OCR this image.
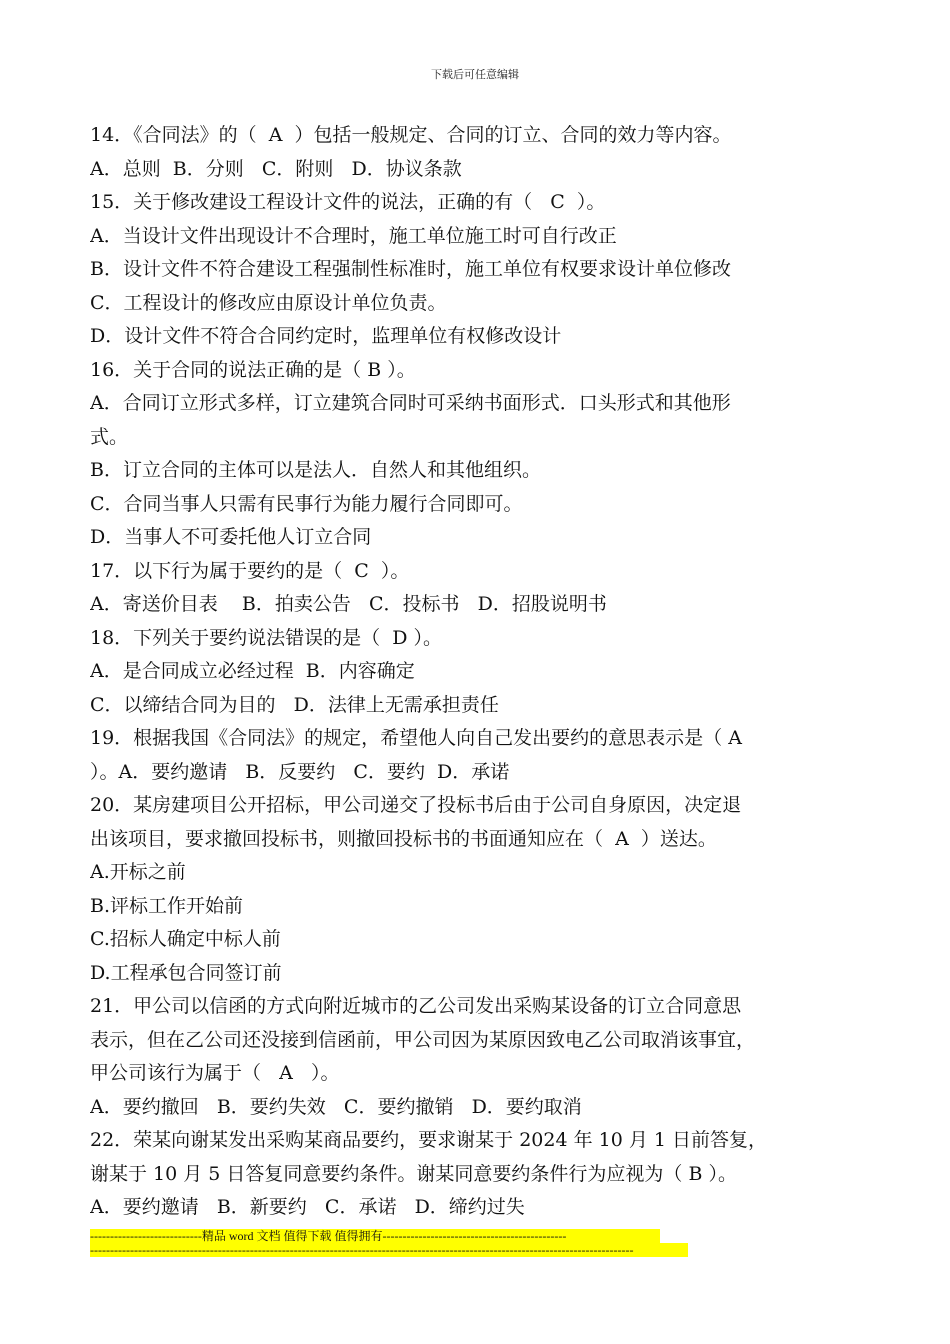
下载后可任意编辑
14．《合同法》的（  A  ）包括一般规定、合同的订立、合同的效力等内容。
A．总则  B．分则   C．附则   D．协议条款
15．关于修改建设工程设计文件的说法，正确的有（   C  ）。
A．当设计文件出现设计不合理时，施工单位施工时可自行改正
B．设计文件不符合建设工程强制性标准时，施工单位有权要求设计单位修改
C．工程设计的修改应由原设计单位负责。
D．设计文件不符合合同约定时，监理单位有权修改设计
16．关于合同的说法正确的是（ B ）。
A．合同订立形式多样，订立建筑合同时可采纳书面形式．口头形式和其他形
式。
B．订立合同的主体可以是法人．自然人和其他组织。
C．合同当事人只需有民事行为能力履行合同即可。
D．当事人不可委托他人订立合同
17．以下行为属于要约的是（  C  ）。
A．寄送价目表    B．拍卖公告   C．投标书   D．招股说明书
18．下列关于要约说法错误的是（  D ）。
A．是合同成立必经过程  B．内容确定
C．以缔结合同为目的   D．法律上无需承担责任
19．根据我国《合同法》的规定，希望他人向自己发出要约的意思表示是（ A
）。A．要约邀请   B．反要约   C．要约  D．承诺
20．某房建项目公开招标，甲公司递交了投标书后由于公司自身原因，决定退
出该项目，要求撤回投标书，则撤回投标书的书面通知应在（  A  ）送达。
A.开标之前
B.评标工作开始前
C.招标人确定中标人前
D.工程承包合同签订前
21．甲公司以信函的方式向附近城市的乙公司发出采购某设备的订立合同意思
表示，但在乙公司还没接到信函前，甲公司因为某原因致电乙公司取消该事宜，
甲公司该行为属于（   A   ）。
A．要约撤回   B．要约失效   C．要约撤销   D．要约取消
22．荣某向谢某发出采购某商品要约，要求谢某于 2024 年 10 月 1 日前答复，
谢某于 10 月 5 日答复同意要约条件。谢某同意要约条件行为应视为（ B ）。
A．要约邀请   B．新要约   C．承诺   D．缔约过失
----------------------------精品 word 文档 值得下载 值得拥有----------------------------------------------
----------------------------------------------------------------------------------------------------------------------------------------
